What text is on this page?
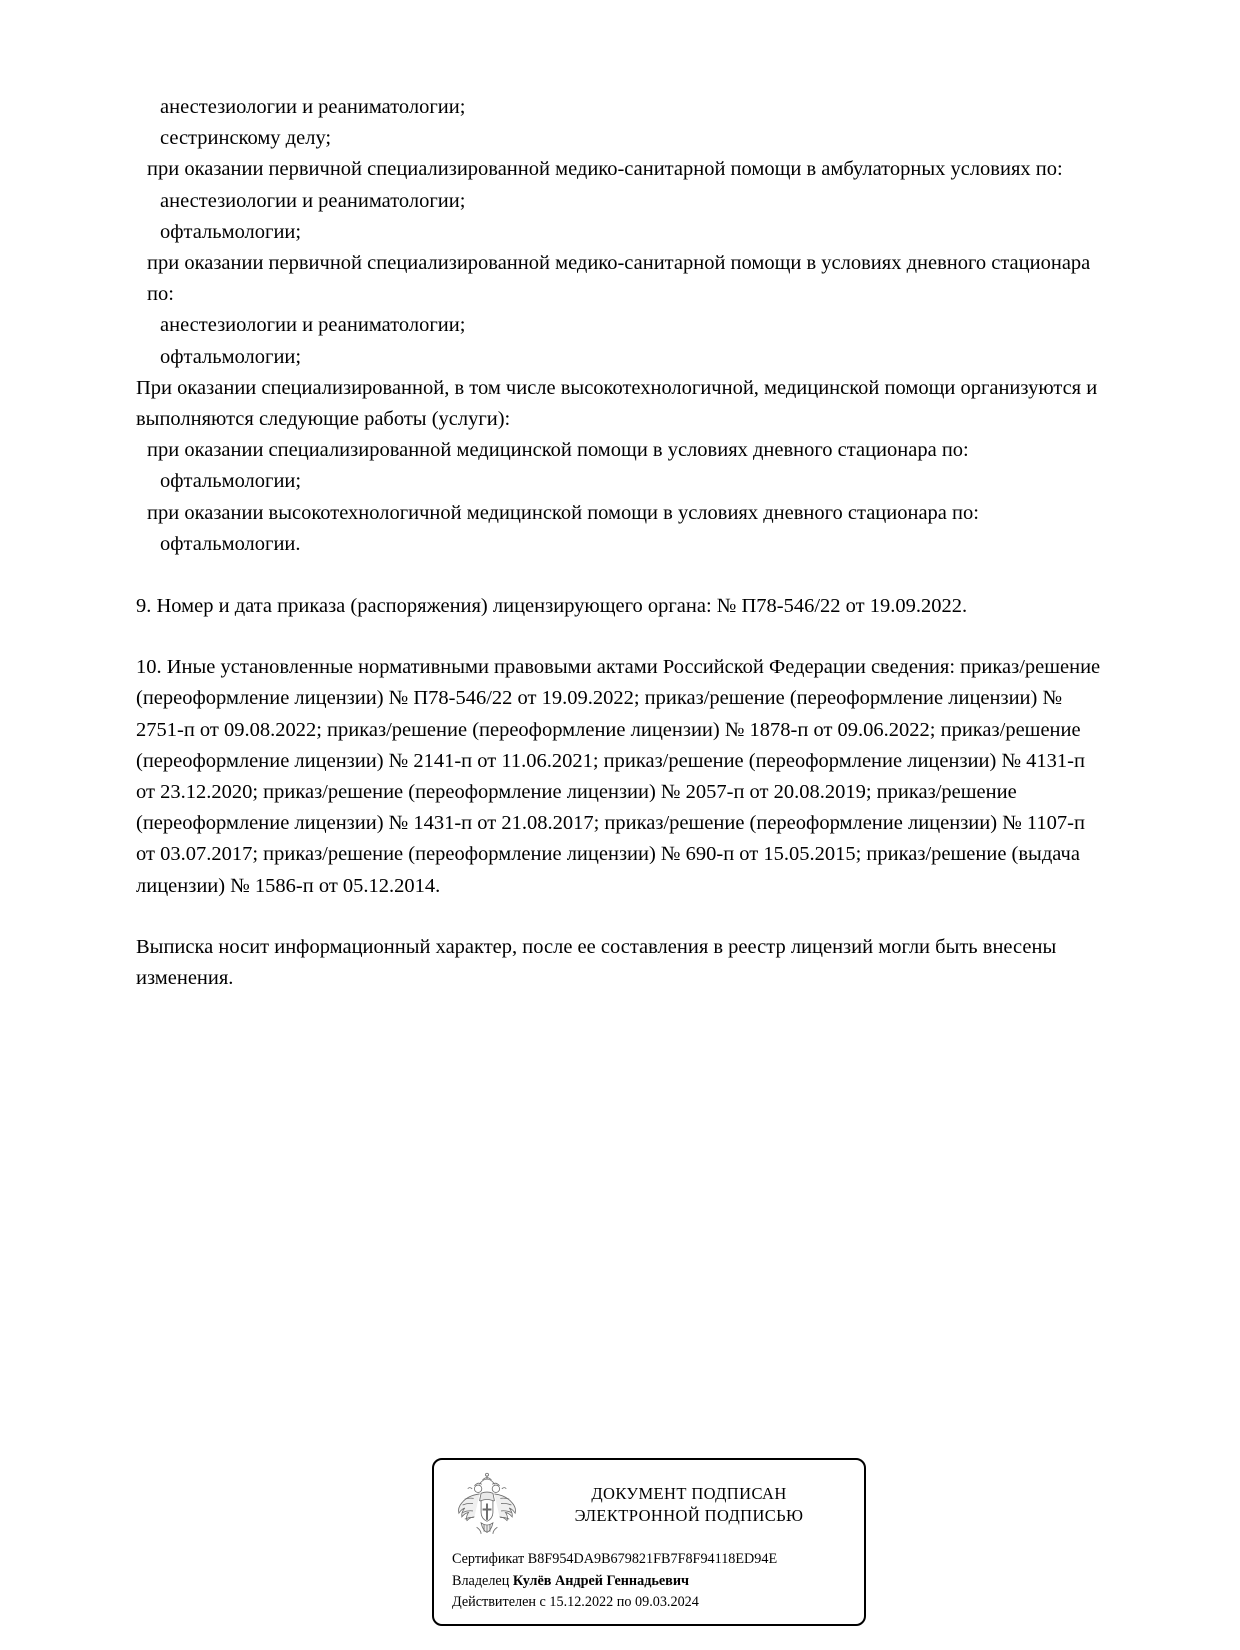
анестезиологии и реаниматологии;
сестринскому делу;
при оказании первичной специализированной медико-санитарной помощи в амбулаторных условиях по:
анестезиологии и реаниматологии;
офтальмологии;
при оказании первичной специализированной медико-санитарной помощи в условиях дневного стационара по:
анестезиологии и реаниматологии;
офтальмологии;
При оказании специализированной, в том числе высокотехнологичной, медицинской помощи организуются и выполняются следующие работы (услуги):
при оказании специализированной медицинской помощи в условиях дневного стационара по:
офтальмологии;
при оказании высокотехнологичной медицинской помощи в условиях дневного стационара по:
офтальмологии.
9. Номер и дата приказа (распоряжения) лицензирующего органа: № П78-546/22 от 19.09.2022.
10. Иные установленные нормативными правовыми актами Российской Федерации сведения: приказ/решение (переоформление лицензии) № П78-546/22 от 19.09.2022; приказ/решение (переоформление лицензии) № 2751-п от 09.08.2022; приказ/решение (переоформление лицензии) № 1878-п от 09.06.2022; приказ/решение (переоформление лицензии) № 2141-п от 11.06.2021; приказ/решение (переоформление лицензии) № 4131-п от 23.12.2020; приказ/решение (переоформление лицензии) № 2057-п от 20.08.2019; приказ/решение (переоформление лицензии) № 1431-п от 21.08.2017; приказ/решение (переоформление лицензии) № 1107-п от 03.07.2017; приказ/решение (переоформление лицензии) № 690-п от 15.05.2015; приказ/решение (выдача лицензии) № 1586-п от 05.12.2014.
Выписка носит информационный характер, после ее составления в реестр лицензий могли быть внесены изменения.
ДОКУМЕНТ ПОДПИСАН
ЭЛЕКТРОННОЙ ПОДПИСЬЮ
Сертификат B8F954DA9B679821FB7F8F94118ED94E
Владелец Кулёв Андрей Геннадьевич
Действителен с 15.12.2022 по 09.03.2024
